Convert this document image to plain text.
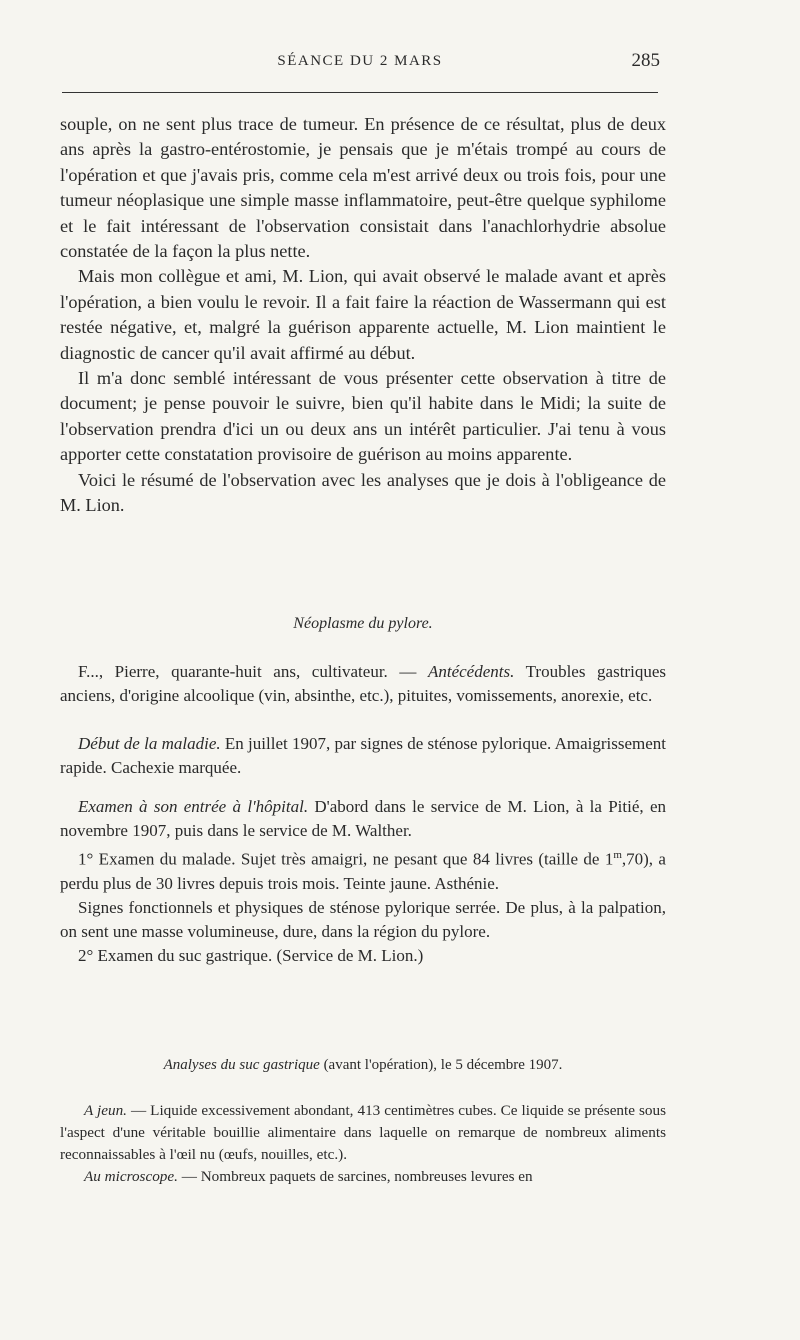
SÉANCE DU 2 MARS	285

souple, on ne sent plus trace de tumeur. En présence de ce résultat, plus de deux ans après la gastro-entérostomie, je pensais que je m'étais trompé au cours de l'opération et que j'avais pris, comme cela m'est arrivé deux ou trois fois, pour une tumeur néoplasique une simple masse inflammatoire, peut-être quelque syphilome et le fait intéressant de l'observation consistait dans l'anachlorhydrie absolue constatée de la façon la plus nette.

Mais mon collègue et ami, M. Lion, qui avait observé le malade avant et après l'opération, a bien voulu le revoir. Il a fait faire la réaction de Wassermann qui est restée négative, et, malgré la guérison apparente actuelle, M. Lion maintient le diagnostic de cancer qu'il avait affirmé au début.

Il m'a donc semblé intéressant de vous présenter cette observation à titre de document; je pense pouvoir le suivre, bien qu'il habite dans le Midi; la suite de l'observation prendra d'ici un ou deux ans un intérêt particulier. J'ai tenu à vous apporter cette constatation provisoire de guérison au moins apparente.

Voici le résumé de l'observation avec les analyses que je dois à l'obligeance de M. Lion.

Néoplasme du pylore.

F..., Pierre, quarante-huit ans, cultivateur. — Antécédents. Troubles gastriques anciens, d'origine alcoolique (vin, absinthe, etc.), pituites, vomissements, anorexie, etc.

Début de la maladie. En juillet 1907, par signes de sténose pylorique. Amaigrissement rapide. Cachexie marquée.

Examen à son entrée à l'hôpital. D'abord dans le service de M. Lion, à la Pitié, en novembre 1907, puis dans le service de M. Walther.

1° Examen du malade. Sujet très amaigri, ne pesant que 84 livres (taille de 1$^m$,70), a perdu plus de 30 livres depuis trois mois. Teinte jaune. Asthénie.

Signes fonctionnels et physiques de sténose pylorique serrée. De plus, à la palpation, on sent une masse volumineuse, dure, dans la région du pylore.

2° Examen du suc gastrique. (Service de M. Lion.)

Analyses du suc gastrique (avant l'opération), le 5 décembre 1907.

A jeun. — Liquide excessivement abondant, 413 centimètres cubes. Ce liquide se présente sous l'aspect d'une véritable bouillie alimentaire dans laquelle on remarque de nombreux aliments reconnaissables à l'œil nu (œufs, nouilles, etc.).

Au microscope. — Nombreux paquets de sarcines, nombreuses levures en
